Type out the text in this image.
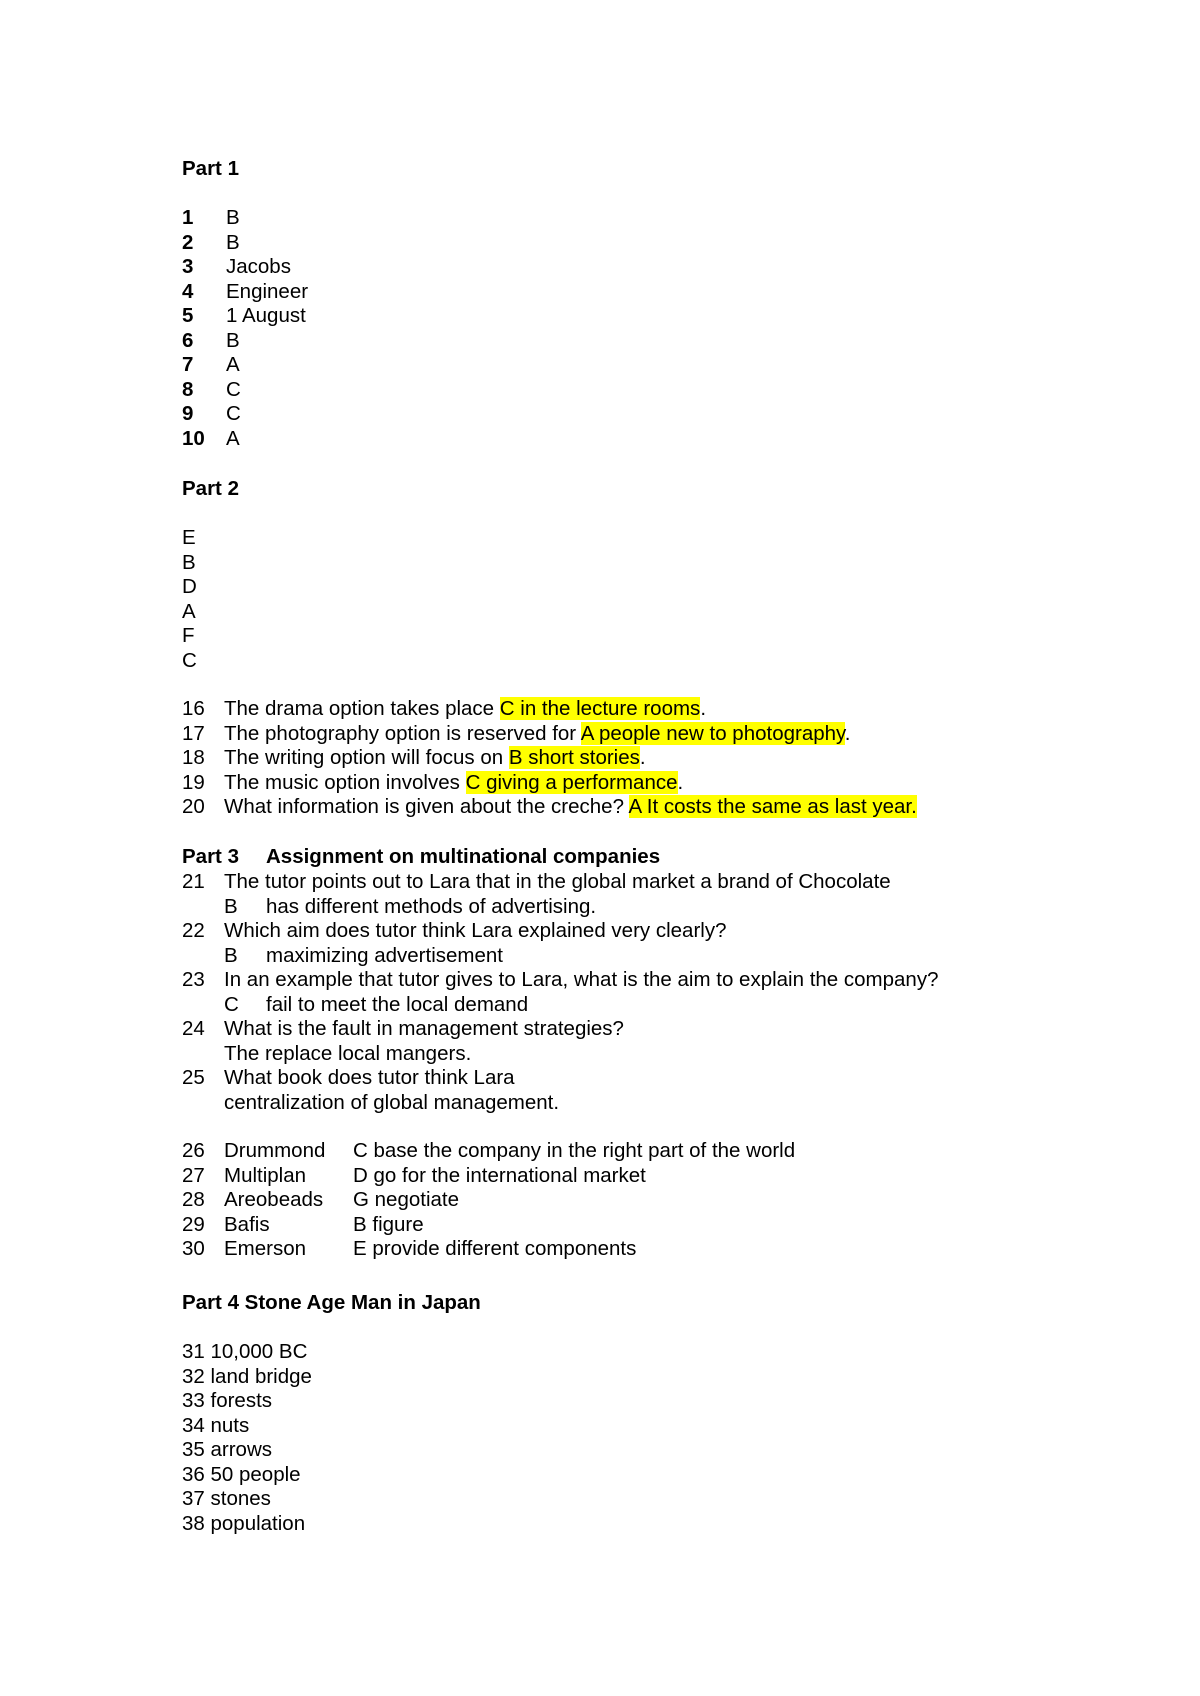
Part 1
1 B
2 B
3 Jacobs
4 Engineer
5 1 August
6 B
7 A
8 C
9 C
10 A
Part 2
E
B
D
A
F
C
16 The drama option takes place C in the lecture rooms.
17 The photography option is reserved for A people new to photography.
18 The writing option will focus on B short stories.
19 The music option involves C giving a performance.
20 What information is given about the creche? A It costs the same as last year.
Part 3 Assignment on multinational companies
21 The tutor points out to Lara that in the global market a brand of Chocolate
B has different methods of advertising.
22 Which aim does tutor think Lara explained very clearly?
B maximizing advertisement
23 In an example that tutor gives to Lara, what is the aim to explain the company?
C fail to meet the local demand
24 What is the fault in management strategies?
The replace local mangers.
25 What book does tutor think Lara
centralization of global management.
26 Drummond C base the company in the right part of the world
27 Multiplan D go for the international market
28 Areobeads G negotiate
29 Bafis	B figure
30 Emerson E provide different components
Part 4 Stone Age Man in Japan
31 10,000 BC
32 land bridge
33 forests
34 nuts
35 arrows
36 50 people
37 stones
38 population
